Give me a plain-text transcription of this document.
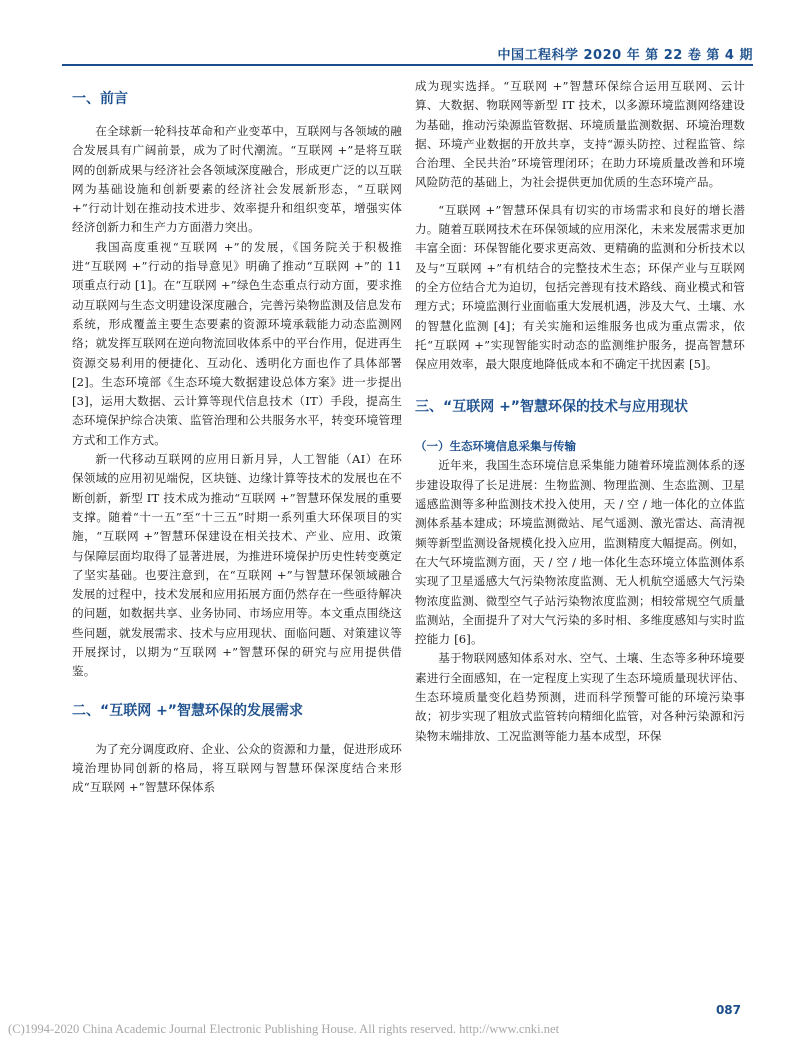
中国工程科学 2020 年 第 22 卷 第 4 期
一、前言

在全球新一轮科技革命和产业变革中，互联网与各领域的融合发展具有广阔前景，成为了时代潮流。“互联网 +”是将互联网的创新成果与经济社会各领域深度融合，形成更广泛的以互联网为基础设施和创新要素的经济社会发展新形态，“互联网 +”行动计划在推动技术进步、效率提升和组织变革，增强实体经济创新力和生产力方面潜力突出。

我国高度重视“互联网 +”的发展，《国务院关于积极推进“互联网 +”行动的指导意见》明确了推动“互联网 +”的 11 项重点行动 [1]。在“互联网 +”绿色生态重点行动方面，要求推动互联网与生态文明建设深度融合，完善污染物监测及信息发布系统，形成覆盖主要生态要素的资源环境承载能力动态监测网络；就发挥互联网在逆向物流回收体系中的平台作用，促进再生资源交易利用的便捷化、互动化、透明化方面也作了具体部署 [2]。生态环境部《生态环境大数据建设总体方案》进一步提出 [3]，运用大数据、云计算等现代信息技术（IT）手段，提高生态环境保护综合决策、监管治理和公共服务水平，转变环境管理方式和工作方式。

新一代移动互联网的应用日新月异，人工智能（AI）在环保领域的应用初见端倪，区块链、边缘计算等技术的发展也在不断创新，新型 IT 技术成为推动“互联网 +”智慧环保发展的重要支撑。随着“十一五”至“十三五”时期一系列重大环保项目的实施，“互联网 +”智慧环保建设在相关技术、产业、应用、政策与保障层面均取得了显著进展，为推进环境保护历史性转变奠定了坚实基础。也要注意到，在“互联网 +”与智慧环保领域融合发展的过程中，技术发展和应用拓展方面仍然存在一些亟待解决的问题，如数据共享、业务协同、市场应用等。本文重点围绕这些问题，就发展需求、技术与应用现状、面临问题、对策建议等开展探讨，以期为“互联网 +”智慧环保的研究与应用提供借鉴。

二、“互联网 +”智慧环保的发展需求

为了充分调度政府、企业、公众的资源和力量，促进形成环境治理协同创新的格局，将互联网与智慧环保深度结合来形成“互联网 +”智慧环保体系

成为现实选择。“互联网 +”智慧环保综合运用互联网、云计算、大数据、物联网等新型 IT 技术，以多源环境监测网络建设为基础，推动污染源监管数据、环境质量监测数据、环境治理数据、环境产业数据的开放共享，支持“源头防控、过程监管、综合治理、全民共治”环境管理闭环；在助力环境质量改善和环境风险防范的基础上，为社会提供更加优质的生态环境产品。

“互联网 +”智慧环保具有切实的市场需求和良好的增长潜力。随着互联网技术在环保领域的应用深化，未来发展需求更加丰富全面：环保智能化要求更高效、更精确的监测和分析技术以及与“互联网 +”有机结合的完整技术生态；环保产业与互联网的全方位结合尤为迫切，包括完善现有技术路线、商业模式和管理方式；环境监测行业面临重大发展机遇，涉及大气、土壤、水的智慧化监测 [4]；有关实施和运维服务也成为重点需求，依托“互联网 +”实现智能实时动态的监测维护服务，提高智慧环保应用效率，最大限度地降低成本和不确定干扰因素 [5]。

三、“互联网 +”智慧环保的技术与应用现状
（一）生态环境信息采集与传输

近年来，我国生态环境信息采集能力随着环境监测体系的逐步建设取得了长足进展：生物监测、物理监测、生态监测、卫星遥感监测等多种监测技术投入使用，天 / 空 / 地一体化的立体监测体系基本建成；环境监测微站、尾气遥测、激光雷达、高清视频等新型监测设备规模化投入应用，监测精度大幅提高。例如，在大气环境监测方面，天 / 空 / 地一体化生态环境立体监测体系实现了卫星遥感大气污染物浓度监测、无人机航空遥感大气污染物浓度监测、微型空气子站污染物浓度监测；相较常规空气质量监测站，全面提升了对大气污染的多时相、多维度感知与实时监控能力 [6]。

基于物联网感知体系对水、空气、土壤、生态等多种环境要素进行全面感知，在一定程度上实现了生态环境质量现状评估、生态环境质量变化趋势预测，进而科学预警可能的环境污染事故；初步实现了粗放式监管转向精细化监管，对各种污染源和污染物末端排放、工况监测等能力基本成型，环保

087
(C)1994-2020 China Academic Journal Electronic Publishing House. All rights reserved. http://www.cnki.net
